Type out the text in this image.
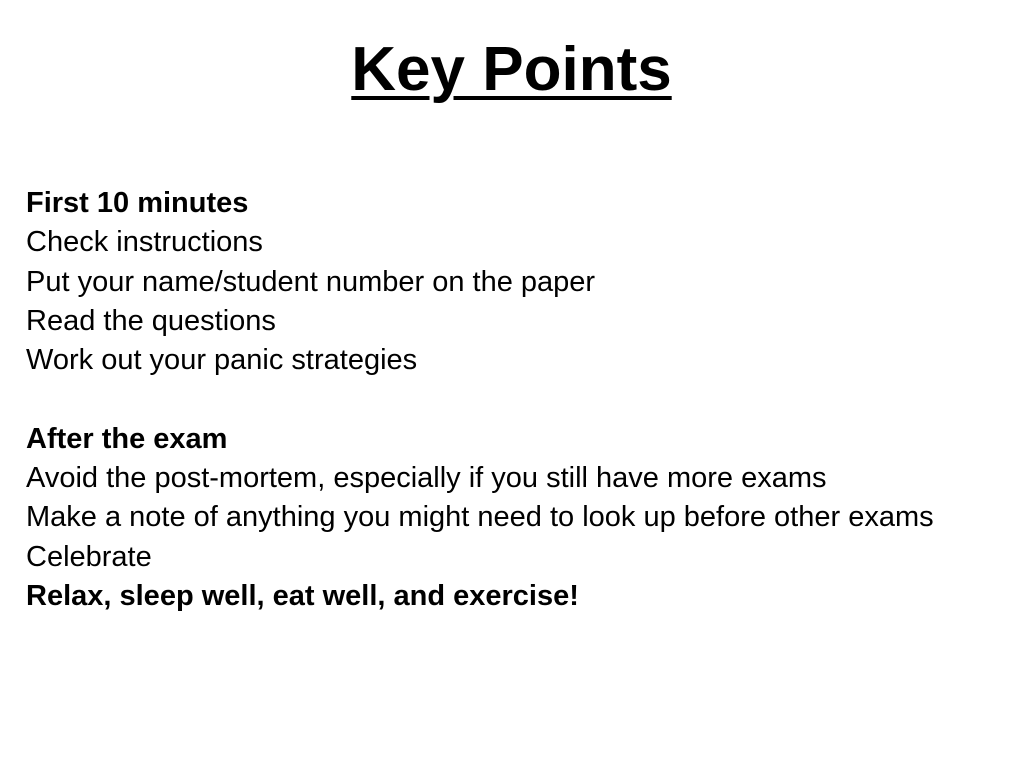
Key Points
First 10 minutes
Check instructions
Put your name/student number on the paper
Read the questions
Work out your panic strategies
After the exam
Avoid the post-mortem, especially if you still have more exams
Make a note of anything you might need to look up before other exams
Celebrate
Relax, sleep well, eat well, and exercise!
